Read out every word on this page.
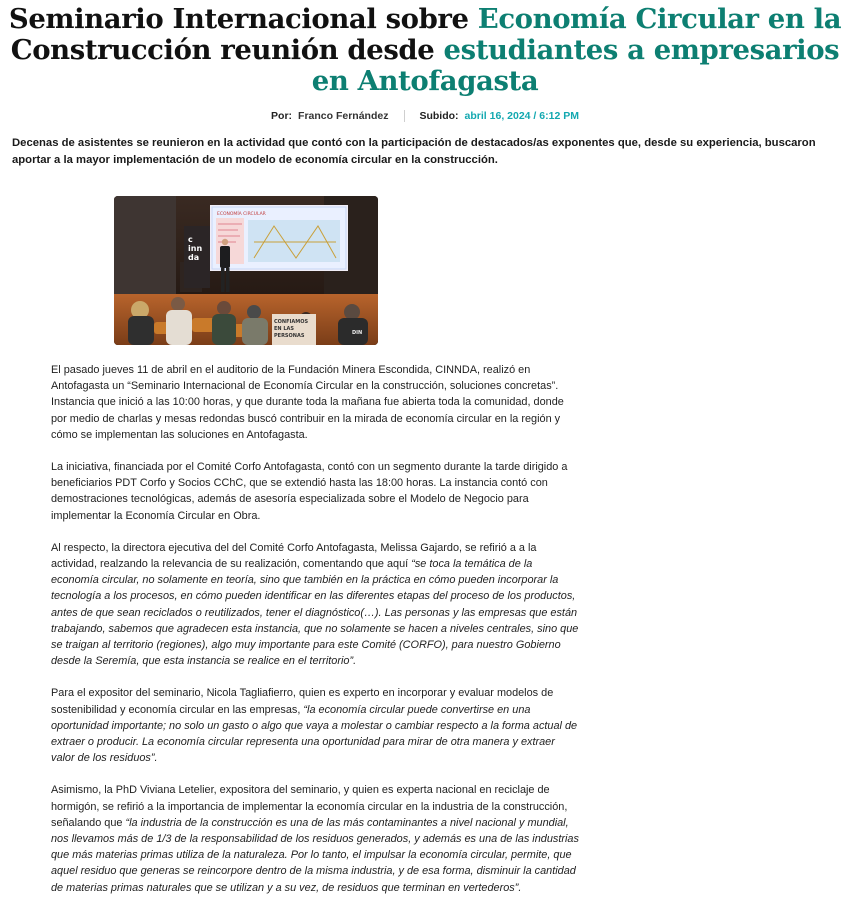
Seminario Internacional sobre Economía Circular en la
Construcción reunión desde estudiantes a empresarios
en Antofagasta
Por: Franco Fernández	Subido: abril 16, 2024 / 6:12 PM

Decenas de asistentes se reunieron en la actividad que contó con la participación de destacados/as exponentes que, desde su experiencia, buscaron aportar a la mayor implementación de un modelo de economía circular en la construcción.

ECONOMÍA CIRCULAR
c
inn
da
CONFIAMOS
EN LAS
PERSONAS	DIN

El pasado jueves 11 de abril en el auditorio de la Fundación Minera Escondida, CINNDA, realizó en Antofagasta un “Seminario Internacional de Economía Circular en la construcción, soluciones concretas”. Instancia que inició a las 10:00 horas, y que durante toda la mañana fue abierta toda la comunidad, donde por medio de charlas y mesas redondas buscó contribuir en la mirada de economía circular en la región y cómo se implementan las soluciones en Antofagasta.

La iniciativa, financiada por el Comité Corfo Antofagasta, contó con un segmento durante la tarde dirigido a beneficiarios PDT Corfo y Socios CChC, que se extendió hasta las 18:00 horas. La instancia contó con demostraciones tecnológicas, además de asesoría especializada sobre el Modelo de Negocio para implementar la Economía Circular en Obra.

Al respecto, la directora ejecutiva del del Comité Corfo Antofagasta, Melissa Gajardo, se refirió a a la actividad, realzando la relevancia de su realización, comentando que aquí “se toca la temática de la economía circular, no solamente en teoría, sino que también en la práctica en cómo pueden incorporar la tecnología a los procesos, en cómo pueden identificar en las diferentes etapas del proceso de los productos, antes de que sean reciclados o reutilizados, tener el diagnóstico(…). Las personas y las empresas que están trabajando, sabemos que agradecen esta instancia, que no solamente se hacen a niveles centrales, sino que se traigan al territorio (regiones), algo muy importante para este Comité (CORFO), para nuestro Gobierno desde la Seremía, que esta instancia se realice en el territorio”.

Para el expositor del seminario, Nicola Tagliafierro, quien es experto en incorporar y evaluar modelos de sostenibilidad y economía circular en las empresas, “la economía circular puede convertirse en una oportunidad importante; no solo un gasto o algo que vaya a molestar o cambiar respecto a la forma actual de extraer o producir. La economía circular representa una oportunidad para mirar de otra manera y extraer valor de los residuos”.

Asimismo, la PhD Viviana Letelier, expositora del seminario, y quien es experta nacional en reciclaje de hormigón, se refirió a la importancia de implementar la economía circular en la industria de la construcción, señalando que “la industria de la construcción es una de las más contaminantes a nivel nacional y mundial, nos llevamos más de 1/3 de la responsabilidad de los residuos generados, y además es una de las industrias que más materias primas utiliza de la naturaleza. Por lo tanto, el impulsar la economía circular, permite, que aquel residuo que generas se reincorpore dentro de la misma industria, y de esa forma, disminuir la cantidad de materias primas naturales que se utilizan y a su vez, de residuos que terminan en vertederos”.
